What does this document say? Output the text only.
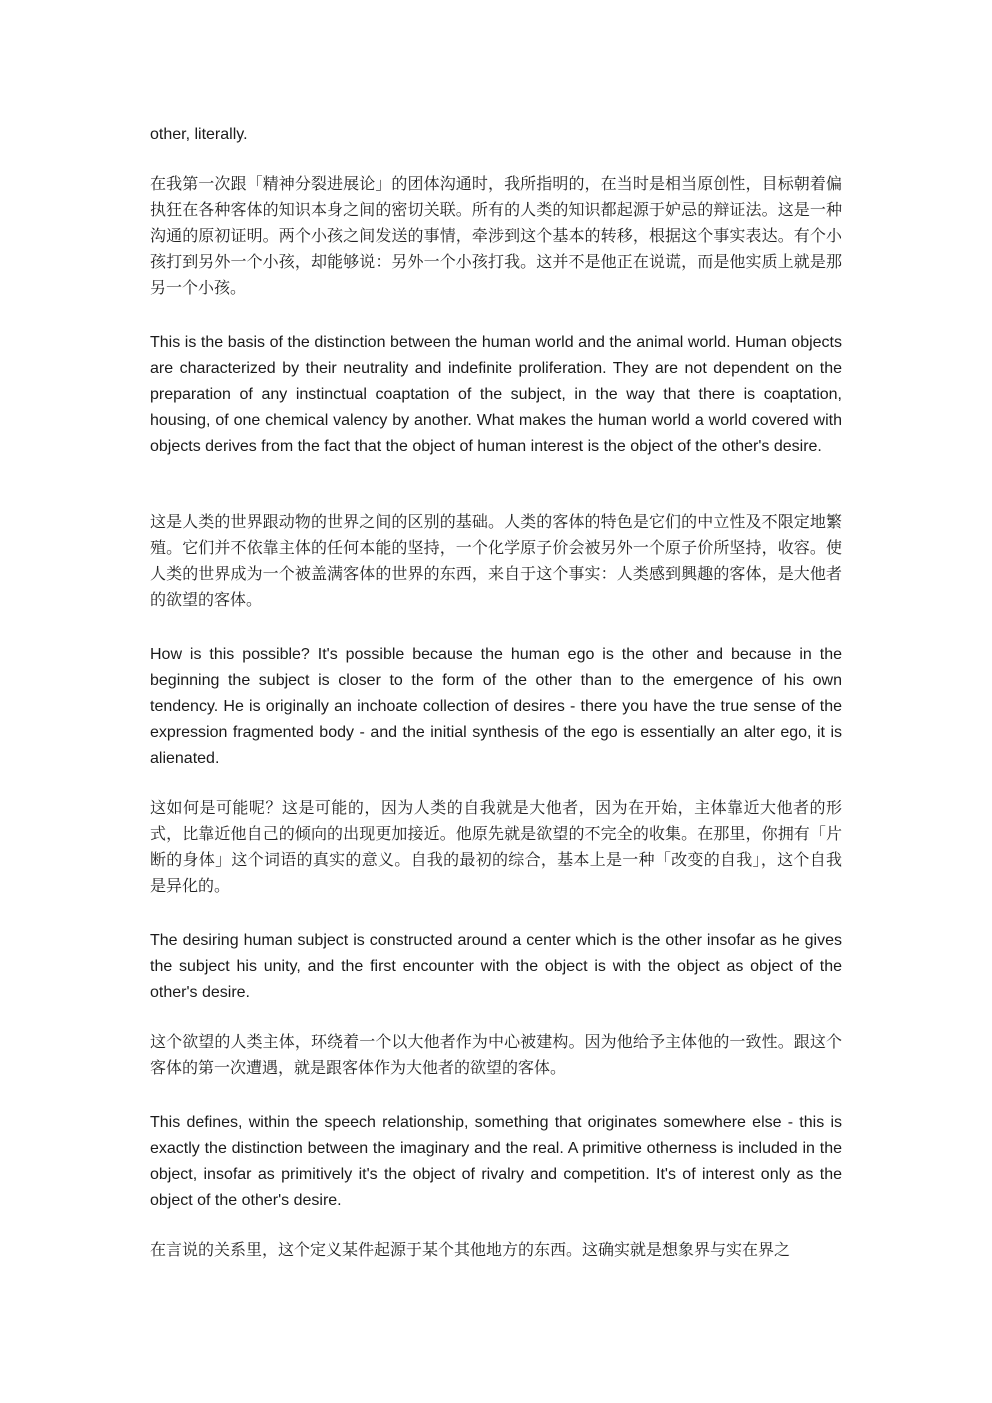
other, literally.

在我第一次跟「精神分裂进展论」的团体沟通时，我所指明的，在当时是相当原创性，目标朝着偏执狂在各种客体的知识本身之间的密切关联。所有的人类的知识都起源于妒忌的辩证法。这是一种沟通的原初证明。两个小孩之间发送的事情，牵涉到这个基本的转移，根据这个事实表达。有个小孩打到另外一个小孩，却能够说：另外一个小孩打我。这并不是他正在说谎，而是他实质上就是那另一个小孩。

This is the basis of the distinction between the human world and the animal world. Human objects are characterized by their neutrality and indefinite proliferation. They are not dependent on the preparation of any instinctual coaptation of the subject, in the way that there is coaptation, housing, of one chemical valency by another. What makes the human world a world covered with objects derives from the fact that the object of human interest is the object of the other's desire.

这是人类的世界跟动物的世界之间的区别的基础。人类的客体的特色是它们的中立性及不限定地繁殖。它们并不依靠主体的任何本能的坚持，一个化学原子价会被另外一个原子价所坚持，收容。使人类的世界成为一个被盖满客体的世界的东西，来自于这个事实：人类感到興趣的客体，是大他者的欲望的客体。

How is this possible? It's possible because the human ego is the other and because in the beginning the subject is closer to the form of the other than to the emergence of his own tendency. He is originally an inchoate collection of desires - there you have the true sense of the expression fragmented body - and the initial synthesis of the ego is essentially an alter ego, it is alienated.

这如何是可能呢？这是可能的，因为人类的自我就是大他者，因为在开始，主体靠近大他者的形式，比靠近他自己的倾向的出现更加接近。他原先就是欲望的不完全的收集。在那里，你拥有「片断的身体」这个词语的真实的意义。自我的最初的综合，基本上是一种「改变的自我」，这个自我是异化的。

The desiring human subject is constructed around a center which is the other insofar as he gives the subject his unity, and the first encounter with the object is with the object as object of the other's desire.

这个欲望的人类主体，环绕着一个以大他者作为中心被建构。因为他给予主体他的一致性。跟这个客体的第一次遭遇，就是跟客体作为大他者的欲望的客体。

This defines, within the speech relationship, something that originates somewhere else - this is exactly the distinction between the imaginary and the real. A primitive otherness is included in the object, insofar as primitively it's the object of rivalry and competition. It's of interest only as the object of the other's desire.

在言说的关系里，这个定义某件起源于某个其他地方的东西。这确实就是想象界与实在界之
